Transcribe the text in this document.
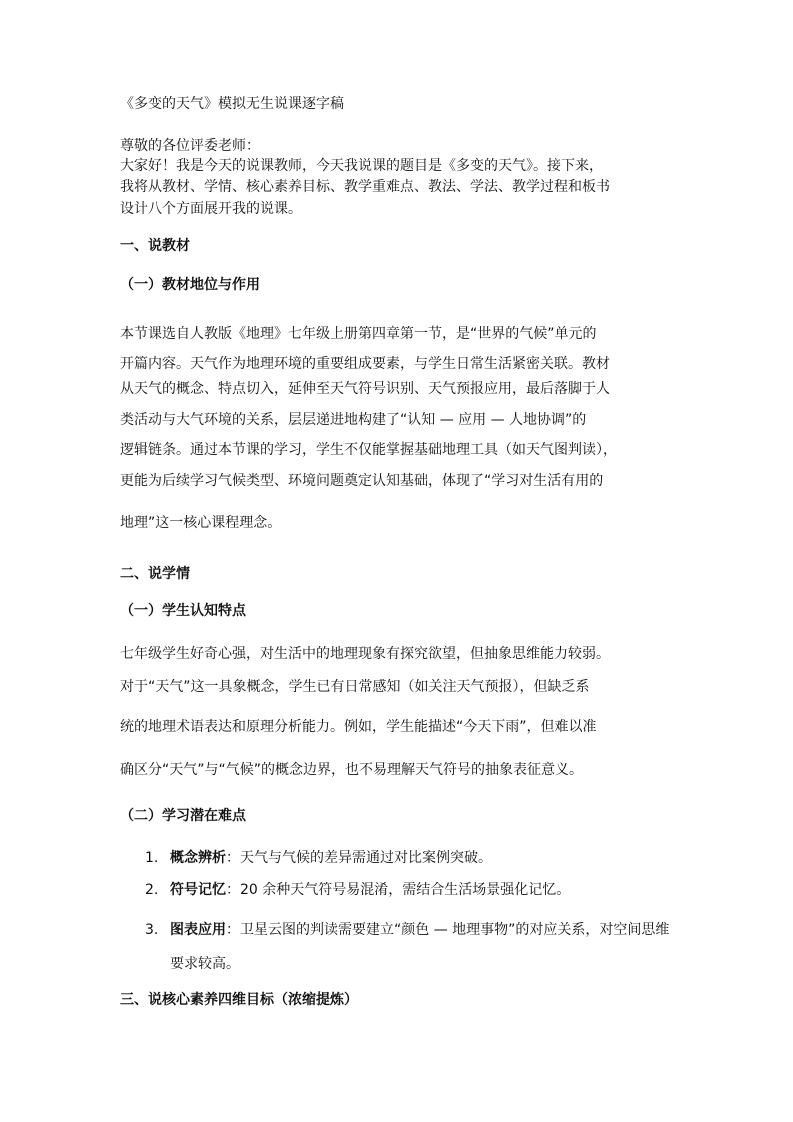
《多变的天气》模拟无生说课逐字稿
尊敬的各位评委老师：
大家好！我是今天的说课教师，今天我说课的题目是《多变的天气》。接下来，
我将从教材、学情、核心素养目标、教学重难点、教法、学法、教学过程和板书
设计八个方面展开我的说课。
一、说教材
（一）教材地位与作用
本节课选自人教版《地理》七年级上册第四章第一节，是“世界的气候”单元的
开篇内容。天气作为地理环境的重要组成要素，与学生日常生活紧密关联。教材
从天气的概念、特点切入，延伸至天气符号识别、天气预报应用，最后落脚于人
类活动与大气环境的关系，层层递进地构建了“认知 — 应用 — 人地协调”的
逻辑链条。通过本节课的学习，学生不仅能掌握基础地理工具（如天气图判读），
更能为后续学习气候类型、环境问题奠定认知基础，体现了“学习对生活有用的
地理”这一核心课程理念。
二、说学情
（一）学生认知特点
七年级学生好奇心强，对生活中的地理现象有探究欲望，但抽象思维能力较弱。
对于“天气”这一具象概念，学生已有日常感知（如关注天气预报），但缺乏系
统的地理术语表达和原理分析能力。例如，学生能描述“今天下雨”，但难以准
确区分“天气”与“气候”的概念边界，也不易理解天气符号的抽象表征意义。
（二）学习潜在难点
1. 概念辨析：天气与气候的差异需通过对比案例突破。
2. 符号记忆：20 余种天气符号易混淆，需结合生活场景强化记忆。
3. 图表应用：卫星云图的判读需要建立“颜色 — 地理事物”的对应关系，对空间思维要求较高。
三、说核心素养四维目标（浓缩提炼）
